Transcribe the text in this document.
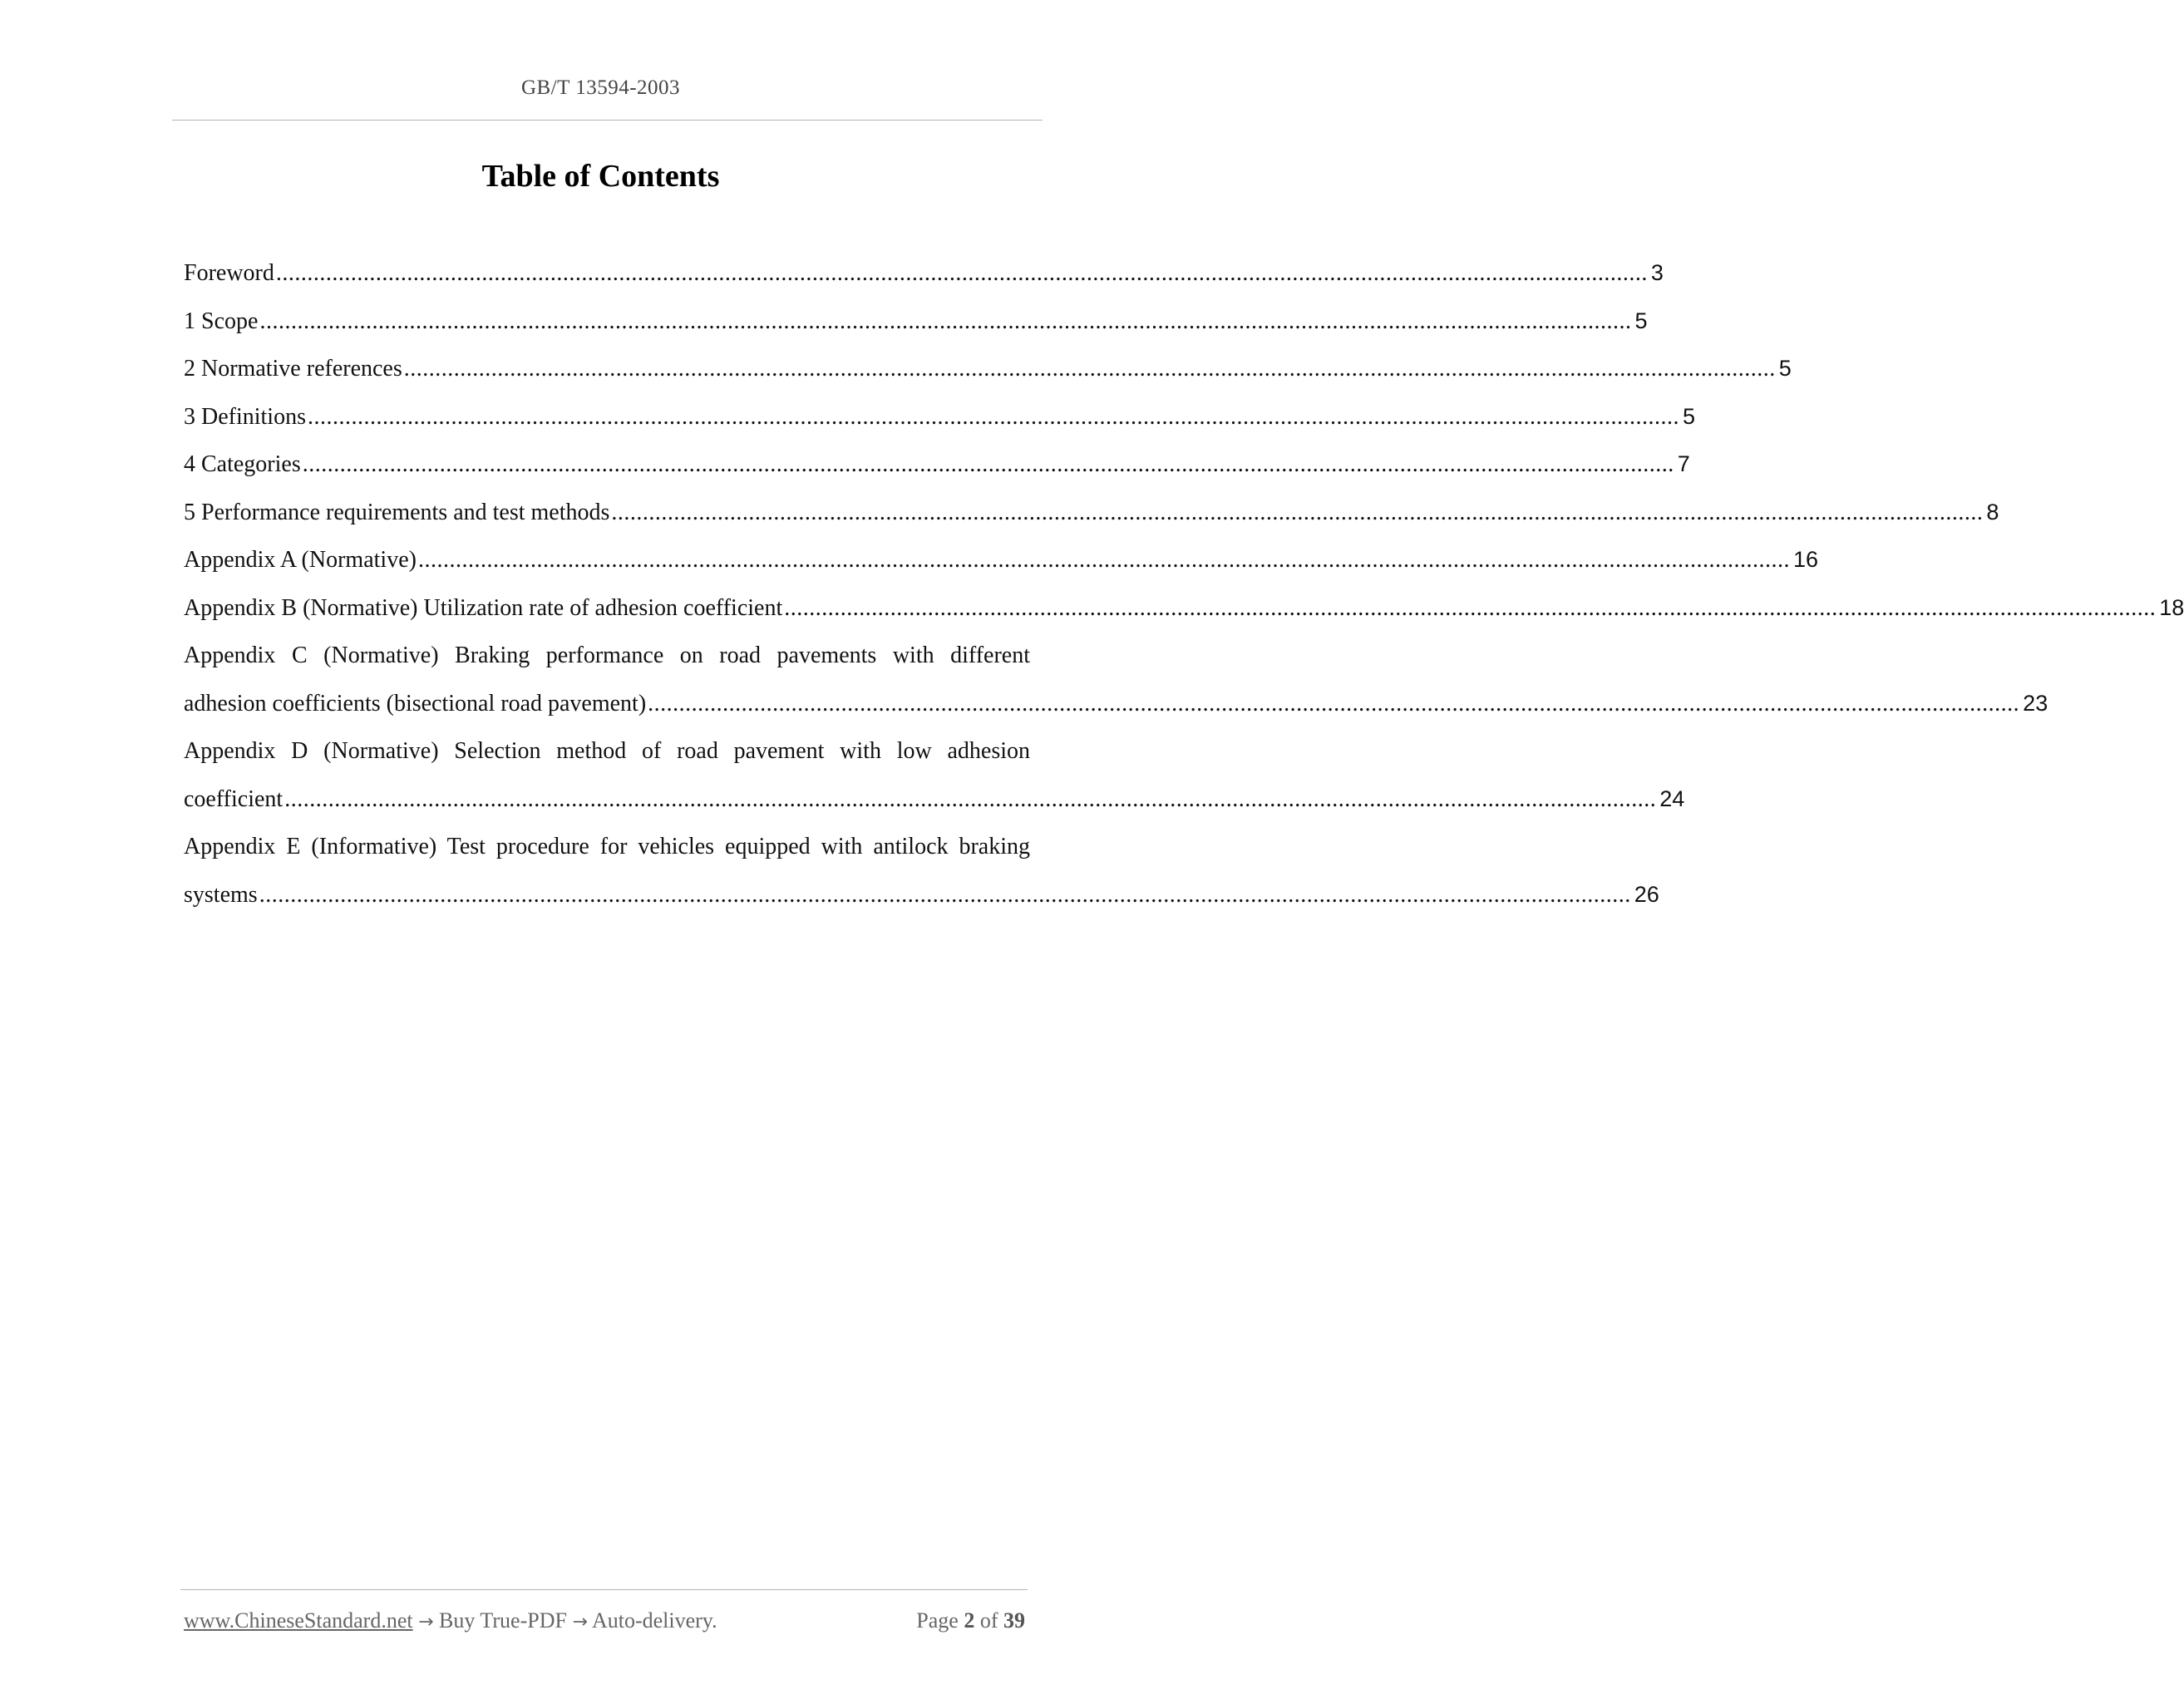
GB/T 13594-2003
Table of Contents
Foreword ............................................................................................................................................................................................................................ 3
1 Scope ............................................................................................................................................................................................................................ 5
2 Normative references ............................................................................................................................................................................................................................ 5
3 Definitions ............................................................................................................................................................................................................................ 5
4 Categories ............................................................................................................................................................................................................................ 7
5 Performance requirements and test methods ............................................................................................................................................................................................................................ 8
Appendix A (Normative) ............................................................................................................................................................................................................................ 16
Appendix B (Normative) Utilization rate of adhesion coefficient ............................................................................................................................................................................................................................ 18
Appendix C (Normative) Braking performance on road pavements with different
adhesion coefficients (bisectional road pavement) ............................................................................................................................................................................................................................ 23
Appendix D (Normative) Selection method of road pavement with low adhesion
coefficient ............................................................................................................................................................................................................................ 24
Appendix E (Informative) Test procedure for vehicles equipped with antilock braking
systems ............................................................................................................................................................................................................................ 26
www.ChineseStandard.net → Buy True-PDF → Auto-delivery.	Page 2 of 39
